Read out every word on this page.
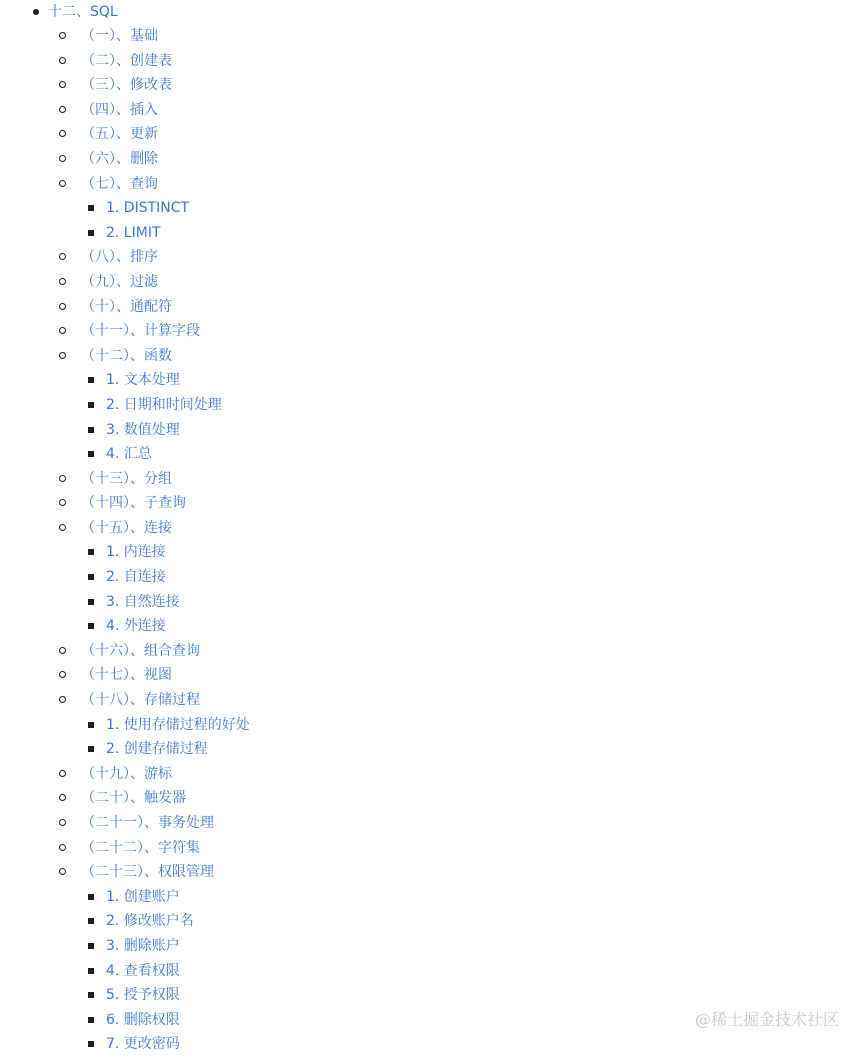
十二、SQL
（一）、基础
（二）、创建表
（三）、修改表
（四）、插入
（五）、更新
（六）、删除
（七）、查询
1. DISTINCT
2. LIMIT
（八）、排序
（九）、过滤
（十）、通配符
（十一）、计算字段
（十二）、函数
1. 文本处理
2. 日期和时间处理
3. 数值处理
4. 汇总
（十三）、分组
（十四）、子查询
（十五）、连接
1. 内连接
2. 自连接
3. 自然连接
4. 外连接
（十六）、组合查询
（十七）、视图
（十八）、存储过程
1. 使用存储过程的好处
2. 创建存储过程
（十九）、游标
（二十）、触发器
（二十一）、事务处理
（二十二）、字符集
（二十三）、权限管理
1. 创建账户
2. 修改账户名
3. 删除账户
4. 查看权限
5. 授予权限
6. 删除权限
7. 更改密码
@稀土掘金技术社区
